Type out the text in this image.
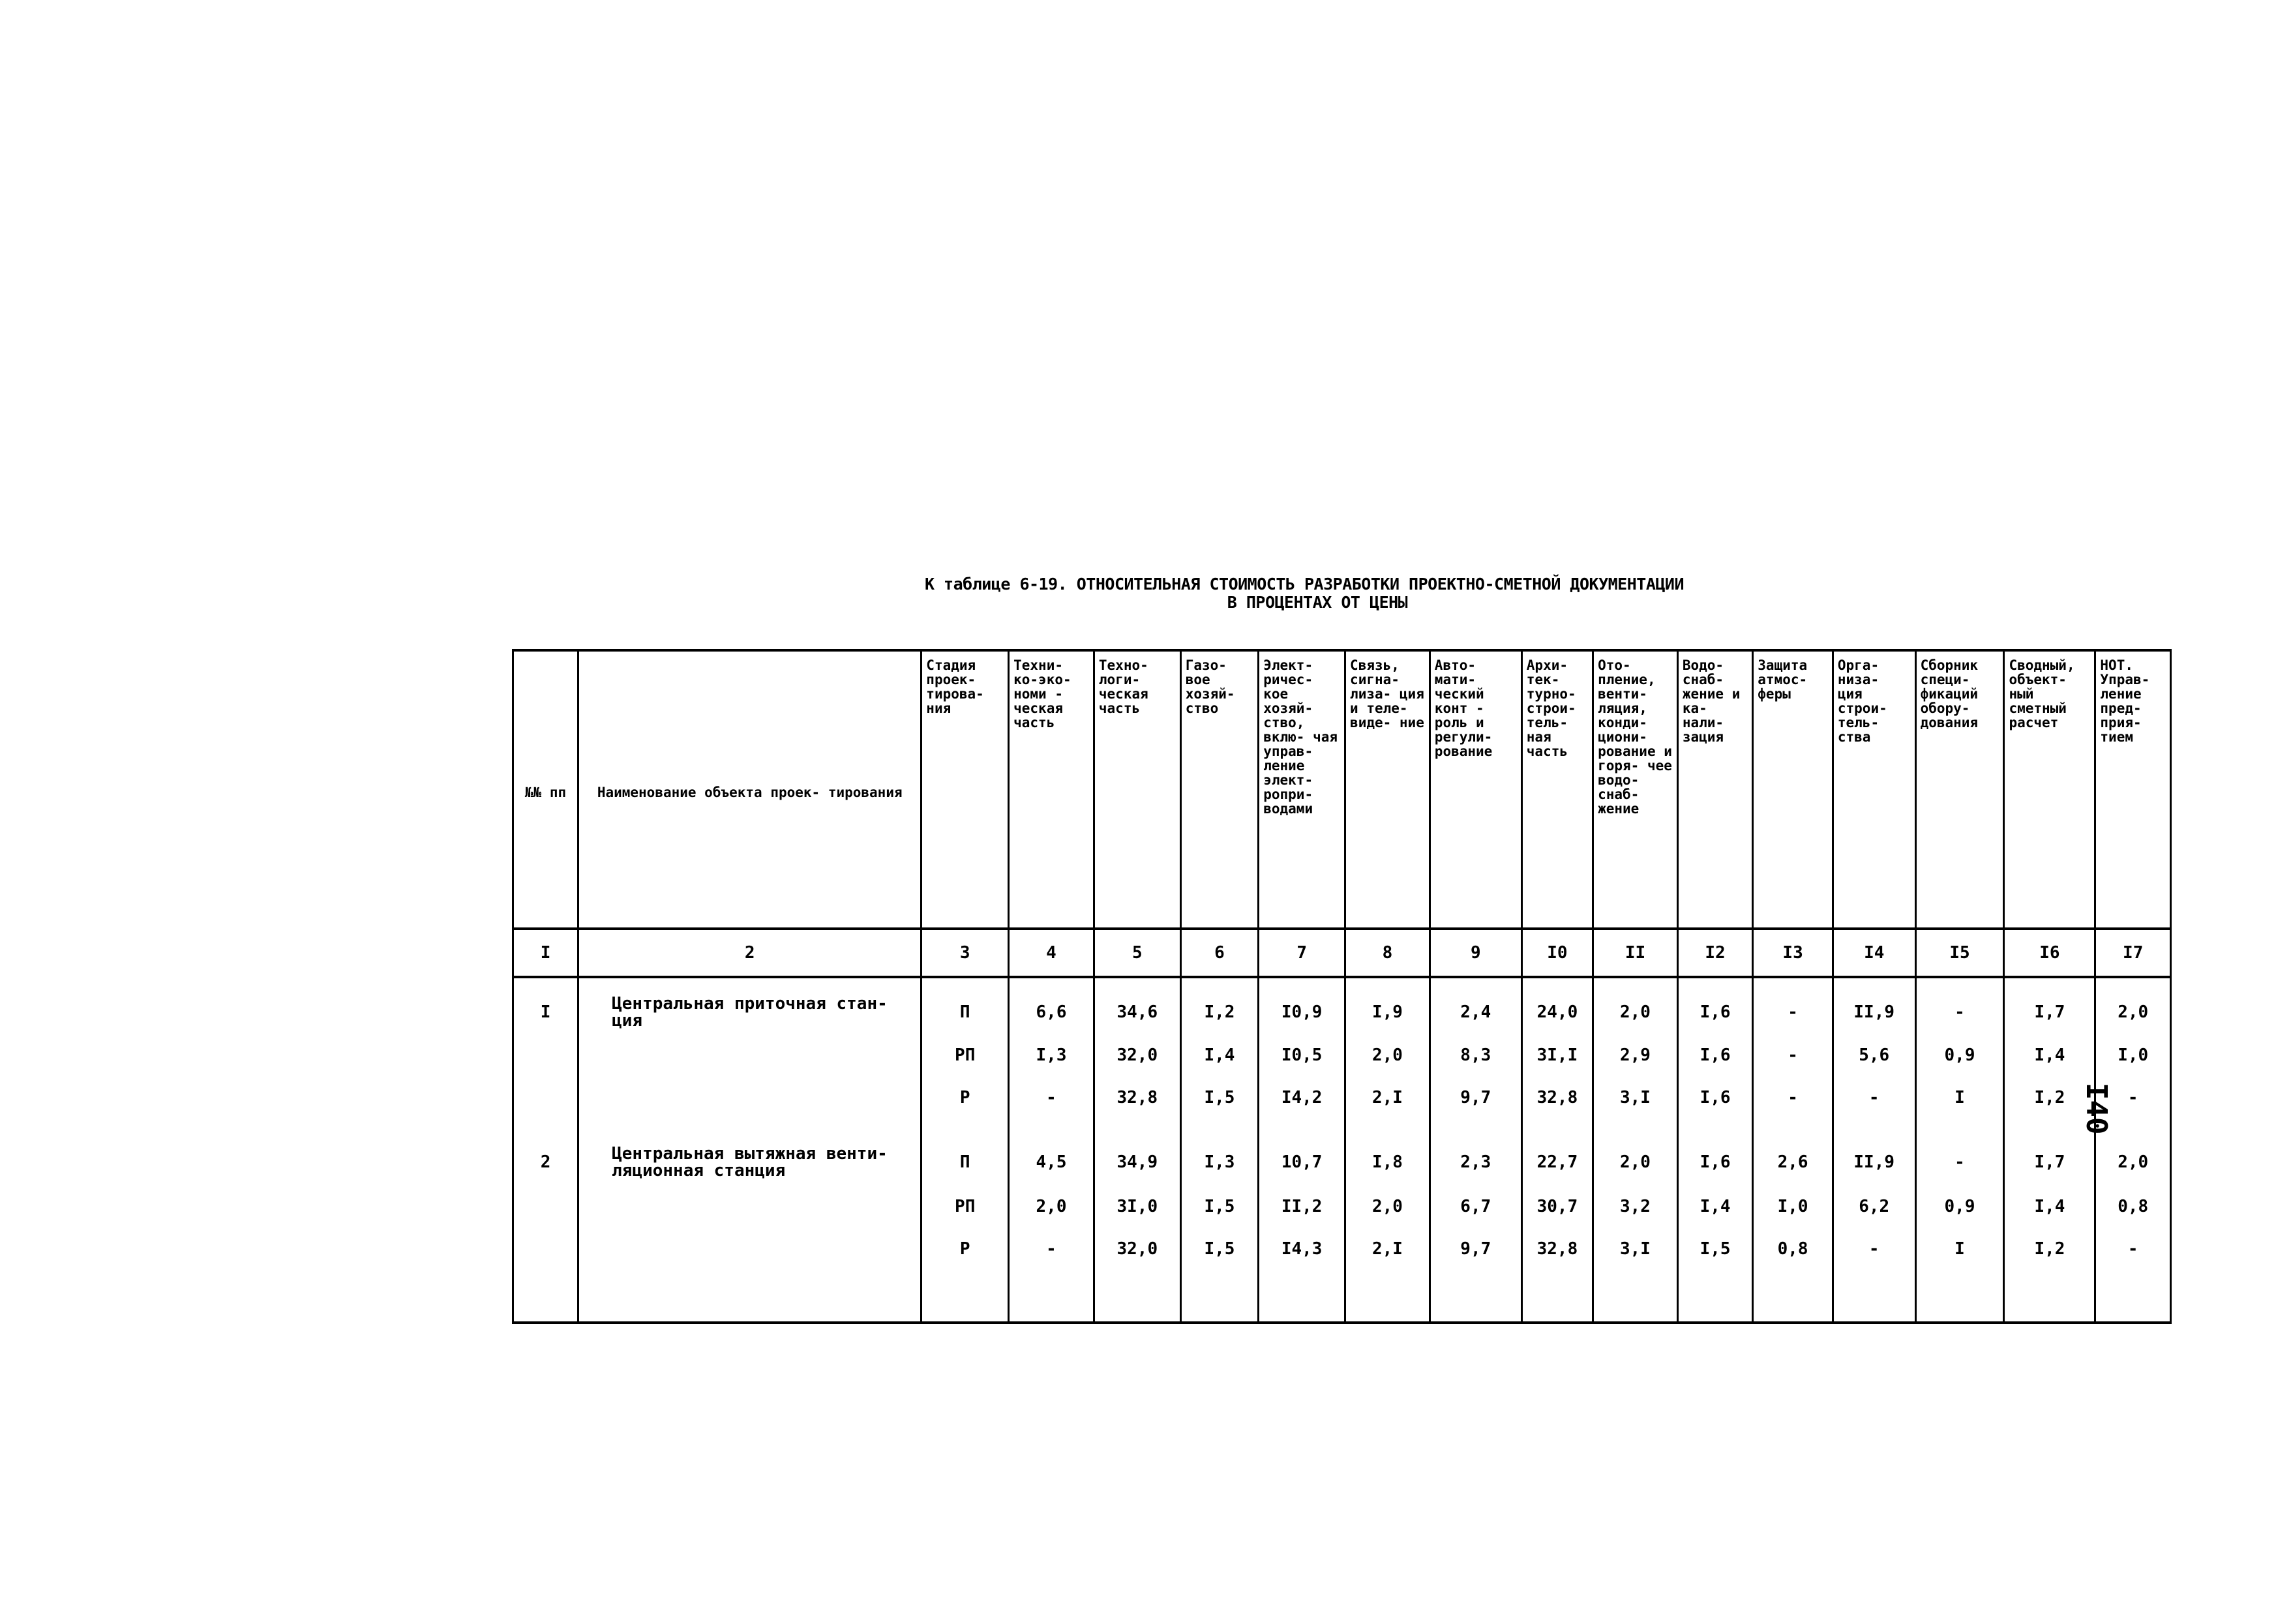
К таблице 6-19. ОТНОСИТЕЛЬНАЯ СТОИМОСТЬ РАЗРАБОТКИ ПРОЕКТНО-СМЕТНОЙ ДОКУМЕНТАЦИИ
В ПРОЦЕНТАХ ОТ ЦЕНЫ
№№ пп	Наименование объекта проек- тирования	Стадия проек- тирова- ния	Техни- ко-эко- номи - ческая часть	Техно- логи- ческая часть	Газо- вое хозяй- ство	Элект- ричес- кое хозяй- ство, вклю- чая управ- ление элект- ропри- водами	Связь, сигна- лиза- ция и теле- виде- ние	Авто- мати- ческий конт - роль и регули- рование	Архи- тек- турно- строи- тель- ная часть	Ото- пление, венти- ляция, конди- циони- рование и горя- чее водо- снаб- жение	Водо- снаб- жение и ка- нали- зация	Защита атмос- феры	Орга- низа- ция строи- тель- ства	Сборник специ- фикаций обору- дования	Сводный, объект- ный сметный расчет	НОТ. Управ- ление пред- прия- тием
I	2	3	4	5	6	7	8	9	I0	II	I2	I3	I4	I5	I6	I7
I	Центральная приточная стан- ция	П	6,6	34,6	I,2	I0,9	I,9	2,4	24,0	2,0	I,6	-	II,9	-	I,7	2,0
		РП	I,3	32,0	I,4	I0,5	2,0	8,3	3I,I	2,9	I,6	-	5,6	0,9	I,4	I,0
		Р	-	32,8	I,5	I4,2	2,I	9,7	32,8	3,I	I,6	-	-	I	I,2	-
2	Центральная вытяжная венти- ляционная станция	П	4,5	34,9	I,3	10,7	I,8	2,3	22,7	2,0	I,6	2,6	II,9	-	I,7	2,0
		РП	2,0	3I,0	I,5	II,2	2,0	6,7	30,7	3,2	I,4	I,0	6,2	0,9	I,4	0,8
		Р	-	32,0	I,5	I4,3	2,I	9,7	32,8	3,I	I,5	0,8	-	I	I,2	-

I40
